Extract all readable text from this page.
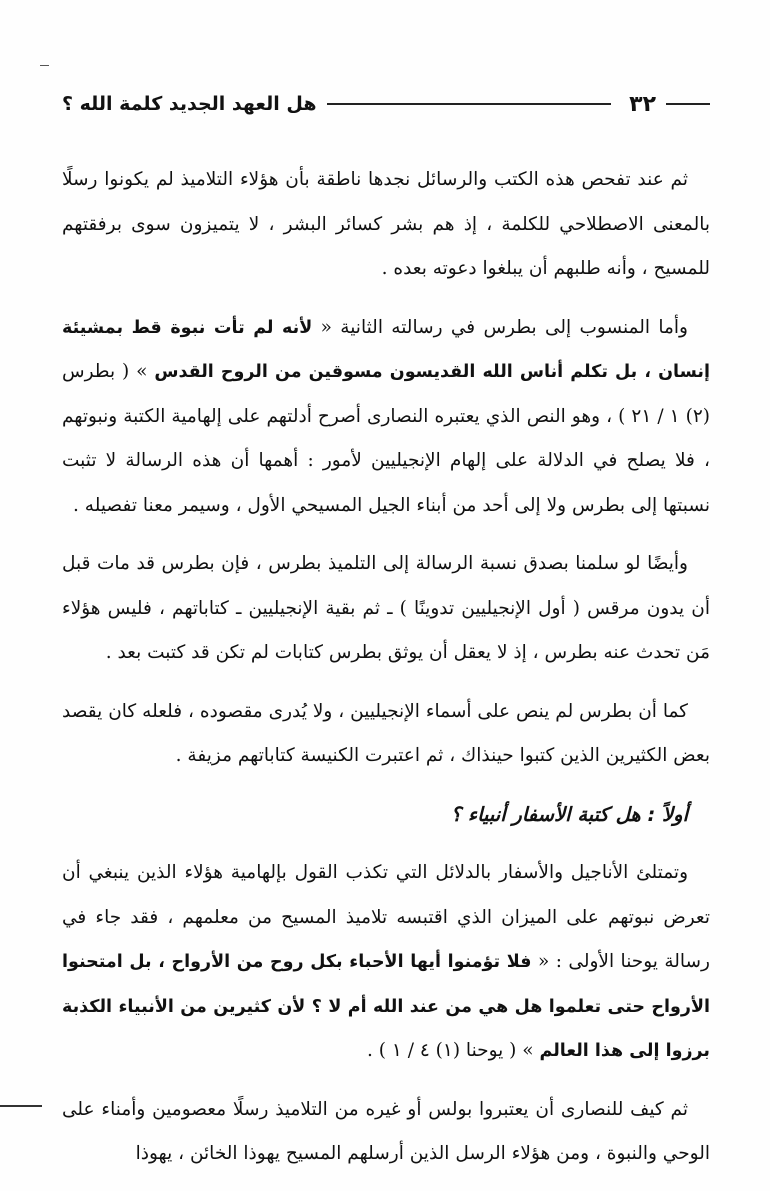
٣٢
هل العهد الجديد كلمة الله ؟

ثم عند تفحص هذه الكتب والرسائل نجدها ناطقة بأن هؤلاء التلاميذ لم يكونوا رسلًا بالمعنى الاصطلاحي للكلمة ، إذ هم بشر كسائر البشر ، لا يتميزون سوى برفقتهم للمسيح ، وأنه طلبهم أن يبلغوا دعوته بعده .

وأما المنسوب إلى بطرس في رسالته الثانية « لأنه لم تأت نبوة قط بمشيئة إنسان ، بل تكلم أناس الله القديسون مسوقين من الروح القدس » ( بطرس (٢) ١ / ٢١ ) ، وهو النص الذي يعتبره النصارى أصرح أدلتهم على إلهامية الكتبة ونبوتهم ، فلا يصلح في الدلالة على إلهام الإنجيليين لأمور : أهمها أن هذه الرسالة لا تثبت نسبتها إلى بطرس ولا إلى أحد من أبناء الجيل المسيحي الأول ، وسيمر معنا تفصيله .

وأيضًا لو سلمنا بصدق نسبة الرسالة إلى التلميذ بطرس ، فإن بطرس قد مات قبل أن يدون مرقس ( أول الإنجيليين تدوينًا ) ـ ثم بقية الإنجيليين ـ كتاباتهم ، فليس هؤلاء مَن تحدث عنه بطرس ، إذ لا يعقل أن يوثق بطرس كتابات لم تكن قد كتبت بعد .

كما أن بطرس لم ينص على أسماء الإنجيليين ، ولا يُدرى مقصوده ، فلعله كان يقصد بعض الكثيرين الذين كتبوا حينذاك ، ثم اعتبرت الكنيسة كتاباتهم مزيفة .

أولاً : هل كتبة الأسفار أنبياء ؟

وتمتلئ الأناجيل والأسفار بالدلائل التي تكذب القول بإلهامية هؤلاء الذين ينبغي أن تعرض نبوتهم على الميزان الذي اقتبسه تلاميذ المسيح من معلمهم ، فقد جاء في رسالة يوحنا الأولى : « فلا تؤمنوا أيها الأحباء بكل روح من الأرواح ، بل امتحنوا الأرواح حتى تعلموا هل هي من عند الله أم لا ؟ لأن كثيرين من الأنبياء الكذبة برزوا إلى هذا العالم » ( يوحنا (١) ٤ / ١ ) .

ثم كيف للنصارى أن يعتبروا بولس أو غيره من التلاميذ رسلًا معصومين وأمناء على الوحي والنبوة ، ومن هؤلاء الرسل الذين أرسلهم المسيح يهوذا الخائن ، يهوذا
